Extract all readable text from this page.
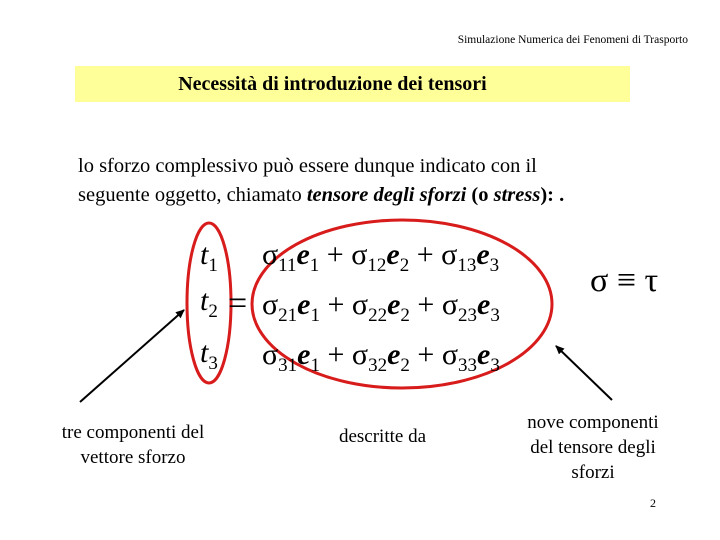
Simulazione Numerica dei Fenomeni di Trasporto
Necessità di introduzione dei tensori
lo sforzo complessivo può essere dunque indicato con il
seguente oggetto, chiamato tensore degli sforzi (o stress): .
$t_1$
$t_2$
$t_3$
=
$\sigma_{11}e_1 + \sigma_{12}e_2 + \sigma_{13}e_3$
$\sigma_{21}e_1 + \sigma_{22}e_2 + \sigma_{23}e_3$
$\sigma_{31}e_1 + \sigma_{32}e_2 + \sigma_{33}e_3$
σ ≡ τ
tre componenti del
vettore sforzo
descritte da
nove componenti
del tensore degli
sforzi
2
